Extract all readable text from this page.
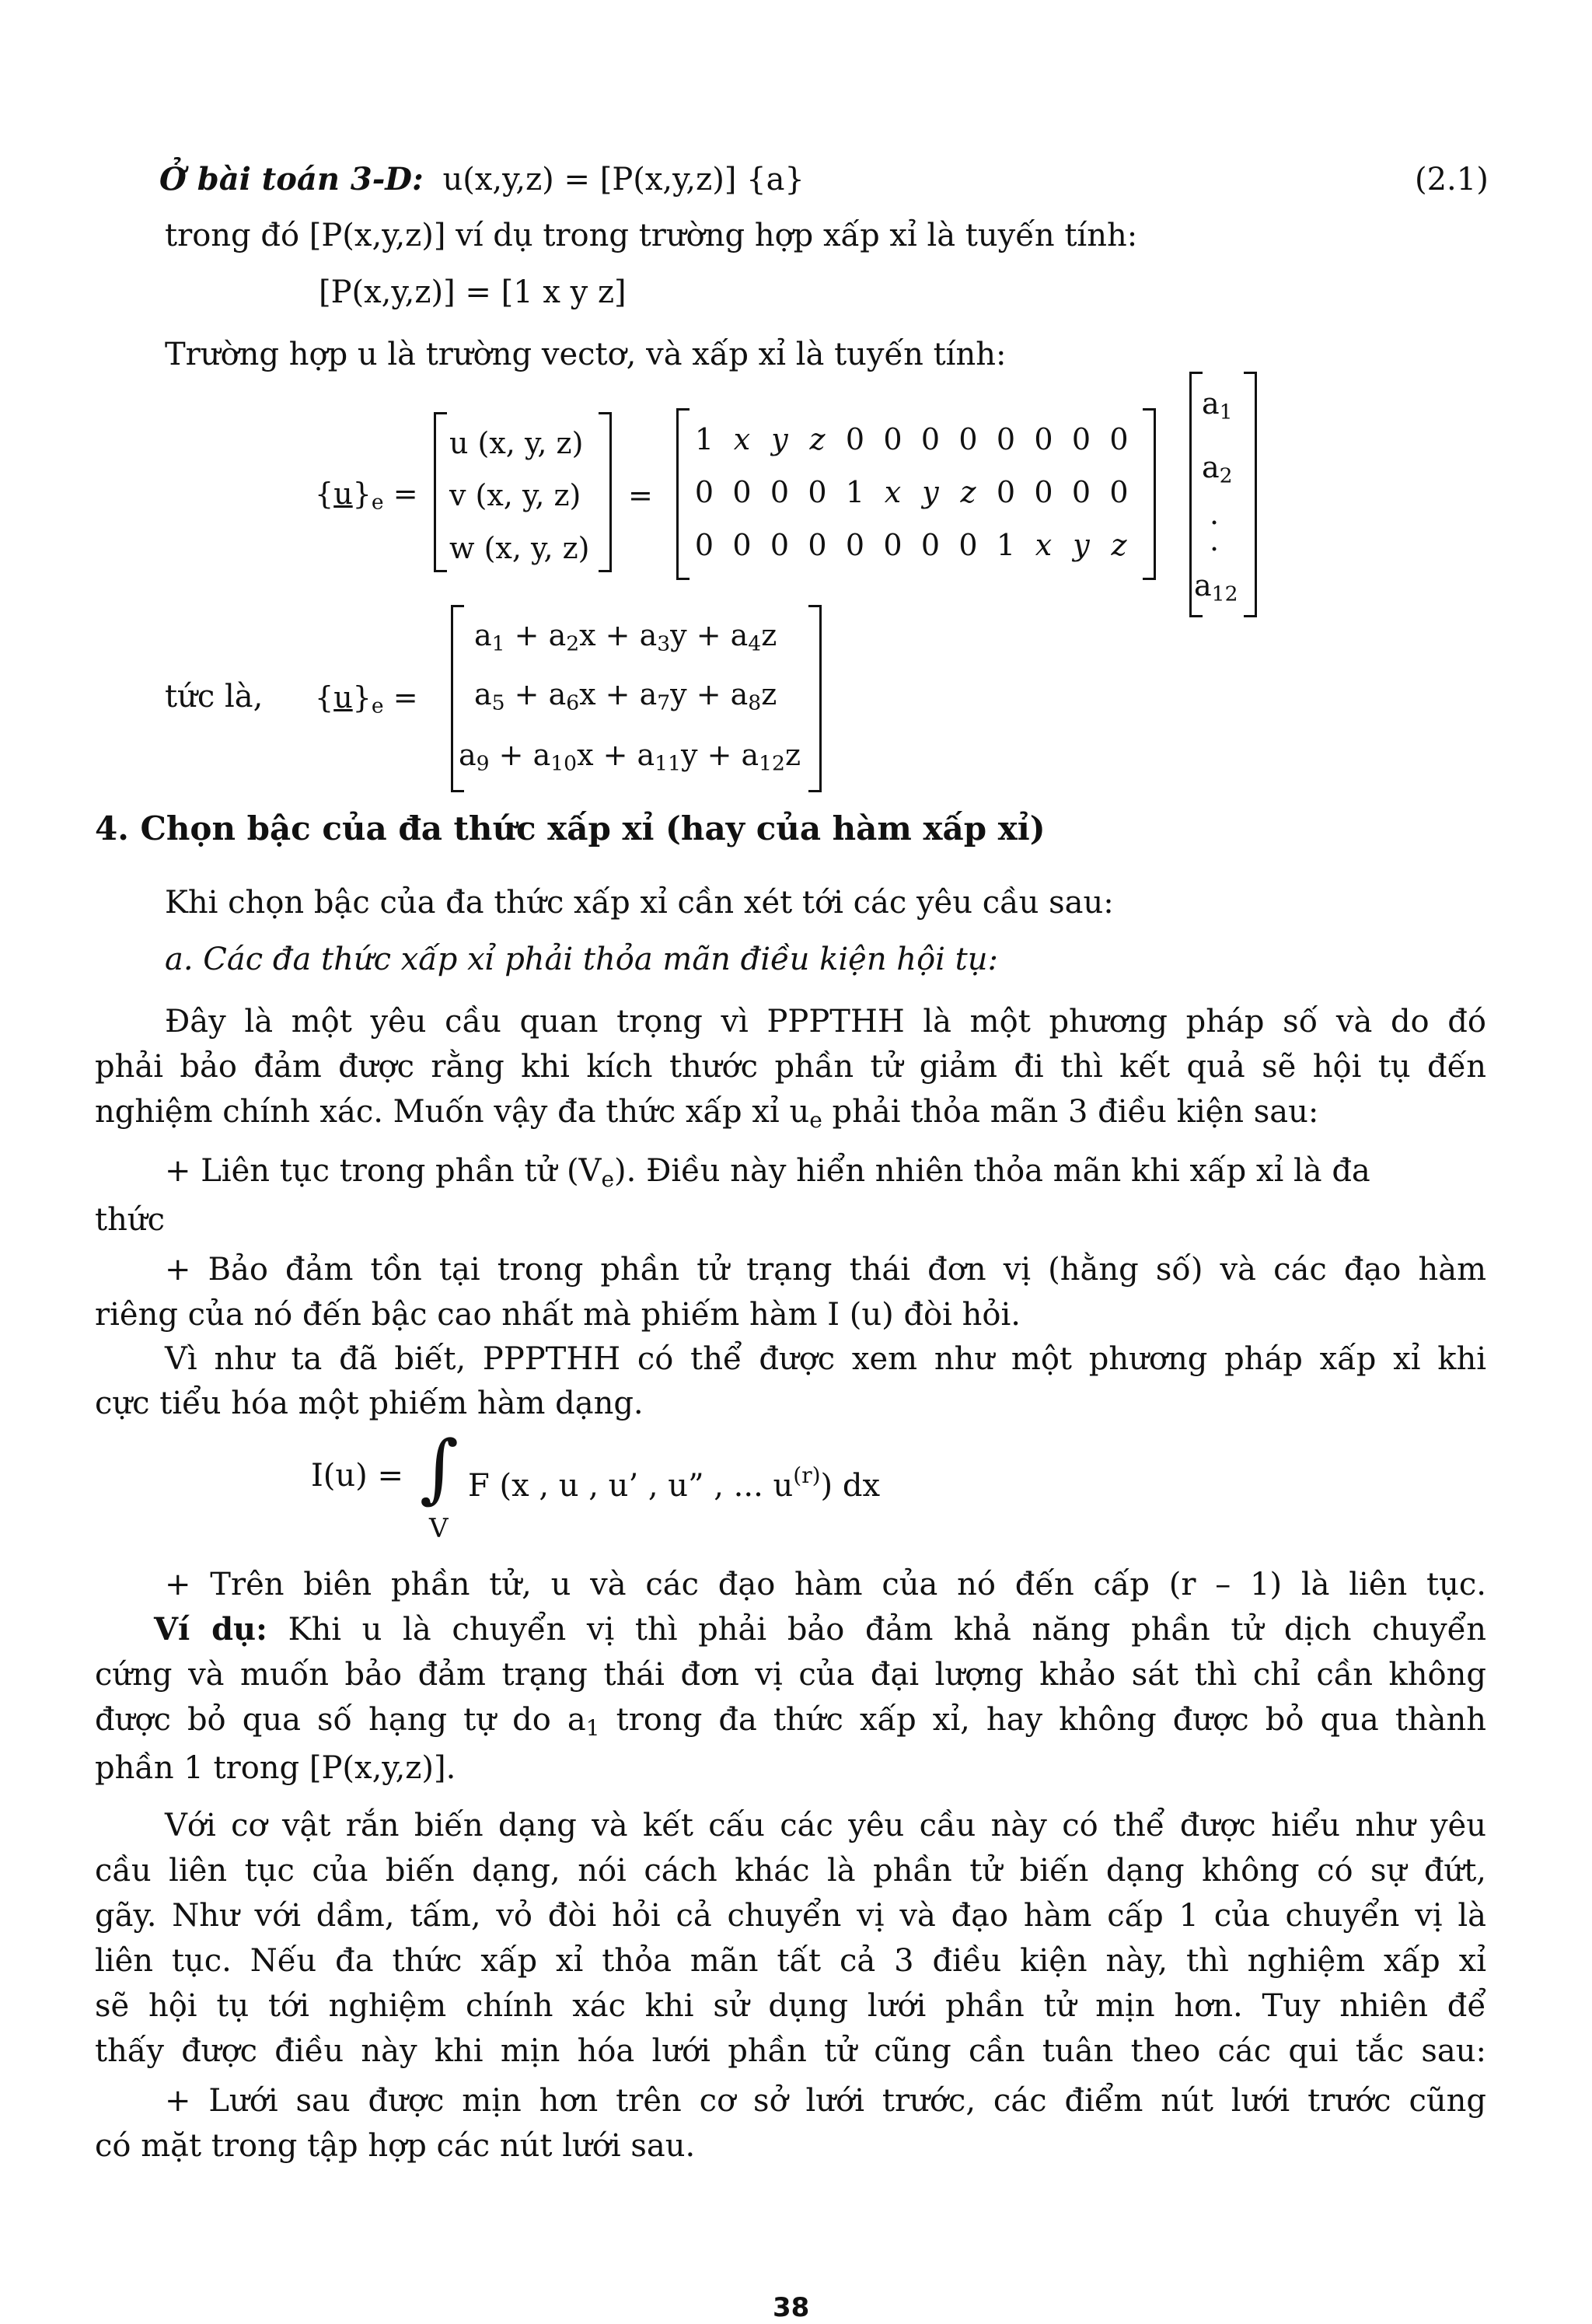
Ở bài toán 3-D: u(x,y,z) = [P(x,y,z)] {a}	(2.1)
trong đó [P(x,y,z)] ví dụ trong trường hợp xấp xỉ là tuyến tính:
[P(x,y,z)] = [1 x y z]
Trường hợp u là trường vectơ, và xấp xỉ là tuyến tính:
$\{u\}_e$ =
u (x, y, z)
v (x, y, z)
w (x, y, z)
=
1 x y z 0 0 0 0 0 0 0 0
0 0 0 0 1 x y z 0 0 0 0
0 0 0 0 0 0 0 0 1 x y z
$a_1$
$a_2$
.
.
$a_{12}$
tức là, $\{u\}_e$ =
$a_1 + a_2x + a_3y + a_4z$
$a_5 + a_6x + a_7y + a_8z$
$a_9 + a_{10}x + a_{11}y + a_{12}z$
4. Chọn bậc của đa thức xấp xỉ (hay của hàm xấp xỉ)
Khi chọn bậc của đa thức xấp xỉ cần xét tới các yêu cầu sau:
a. Các đa thức xấp xỉ phải thỏa mãn điều kiện hội tụ:
Đây là một yêu cầu quan trọng vì PPPTHH là một phương pháp số và do đó
phải bảo đảm được rằng khi kích thước phần tử giảm đi thì kết quả sẽ hội tụ đến
nghiệm chính xác. Muốn vậy đa thức xấp xỉ $u_e$ phải thỏa mãn 3 điều kiện sau:
+ Liên tục trong phần tử $(V_e)$. Điều này hiển nhiên thỏa mãn khi xấp xỉ là đa
thức
+ Bảo đảm tồn tại trong phần tử trạng thái đơn vị (hằng số) và các đạo hàm
riêng của nó đến bậc cao nhất mà phiếm hàm I (u) đòi hỏi.
Vì như ta đã biết, PPPTHH có thể được xem như một phương pháp xấp xỉ khi
cực tiểu hóa một phiếm hàm dạng.
I(u) = ∫ F (x , u , u’ , u” , ... $u^{(r)}$) dx
V
+ Trên biên phần tử, u và các đạo hàm của nó đến cấp (r – 1) là liên tục.
Ví dụ: Khi u là chuyển vị thì phải bảo đảm khả năng phần tử dịch chuyển
cứng và muốn bảo đảm trạng thái đơn vị của đại lượng khảo sát thì chỉ cần không
được bỏ qua số hạng tự do $a_1$ trong đa thức xấp xỉ, hay không được bỏ qua thành
phần 1 trong [P(x,y,z)].
Với cơ vật rắn biến dạng và kết cấu các yêu cầu này có thể được hiểu như yêu
cầu liên tục của biến dạng, nói cách khác là phần tử biến dạng không có sự đứt,
gãy. Như với dầm, tấm, vỏ đòi hỏi cả chuyển vị và đạo hàm cấp 1 của chuyển vị là
liên tục. Nếu đa thức xấp xỉ thỏa mãn tất cả 3 điều kiện này, thì nghiệm xấp xỉ
sẽ hội tụ tới nghiệm chính xác khi sử dụng lưới phần tử mịn hơn. Tuy nhiên để
thấy được điều này khi mịn hóa lưới phần tử cũng cần tuân theo các qui tắc sau:
+ Lưới sau được mịn hơn trên cơ sở lưới trước, các điểm nút lưới trước cũng
có mặt trong tập hợp các nút lưới sau.
38
